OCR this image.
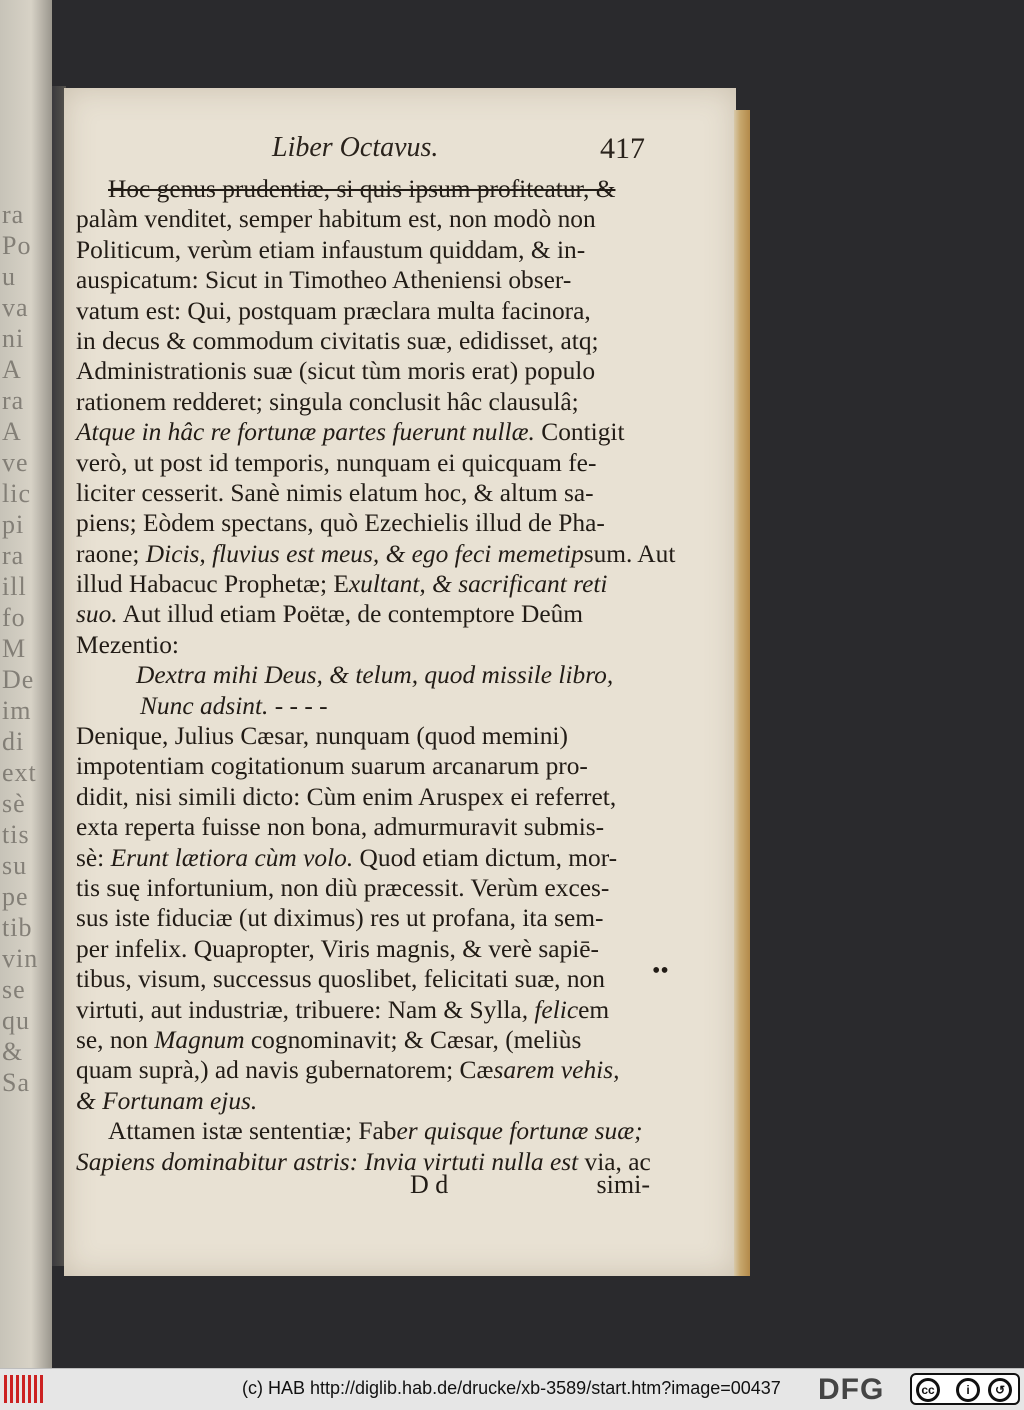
ra
Po
u
va
ni
A
ra
A
ve
lic
pi
ra
ill
fo
M
De
im
di
ext
sè
tis
su
pe
tib
vin
se
qu
&
Sa
Liber Octavus.	417
Hoc genus prudentiæ, si quis ipsum profiteatur, &
palàm venditet, semper habitum est, non modò non
Politicum, verùm etiam infaustum quiddam, & in-
auspicatum: Sicut in Timotheo Atheniensi obser-
vatum est: Qui, postquam præclara multa facinora,
in decus & commodum civitatis suæ, edidisset, atq;
Administrationis suæ (sicut tùm moris erat) populo
rationem redderet; singula conclusit hâc clausulâ;
Atque in hâc re fortunæ partes fuerunt nullæ. Contigit
verò, ut post id temporis, nunquam ei quicquam fe-
liciter cesserit. Sanè nimis elatum hoc, & altum sa-
piens; Eòdem spectans, quò Ezechielis illud de Pha-
raone; Dicis, fluvius est meus, & ego feci memetipsum. Aut
illud Habacuc Prophetæ; Exultant, & sacrificant reti
suo. Aut illud etiam Poëtæ, de contemptore Deûm
Mezentio:
Dextra mihi Deus, & telum, quod missile libro,
Nunc adsint. - - - -
Denique, Julius Cæsar, nunquam (quod memini)
impotentiam cogitationum suarum arcanarum pro-
didit, nisi simili dicto: Cùm enim Aruspex ei referret,
exta reperta fuisse non bona, admurmuravit submis-
sè: Erunt lætiora cùm volo. Quod etiam dictum, mor-
tis suę infortunium, non diù præcessit. Verùm exces-
sus iste fiduciæ (ut diximus) res ut profana, ita sem-
per infelix. Quapropter, Viris magnis, & verè sapiē-
tibus, visum, successus quoslibet, felicitati suæ, non
virtuti, aut industriæ, tribuere: Nam & Sylla, felicem
se, non Magnum cognominavit; & Cæsar, (meliùs
quam suprà,) ad navis gubernatorem; Cæsarem vehis,
& Fortunam ejus.
Attamen istæ sententiæ; Faber quisque fortunæ suæ;
Sapiens dominabitur astris: Invia virtuti nulla est via, ac
••
D d	simi-
(c) HAB http://diglib.hab.de/drucke/xb-3589/start.htm?image=00437 DFG	cc	i	↺
